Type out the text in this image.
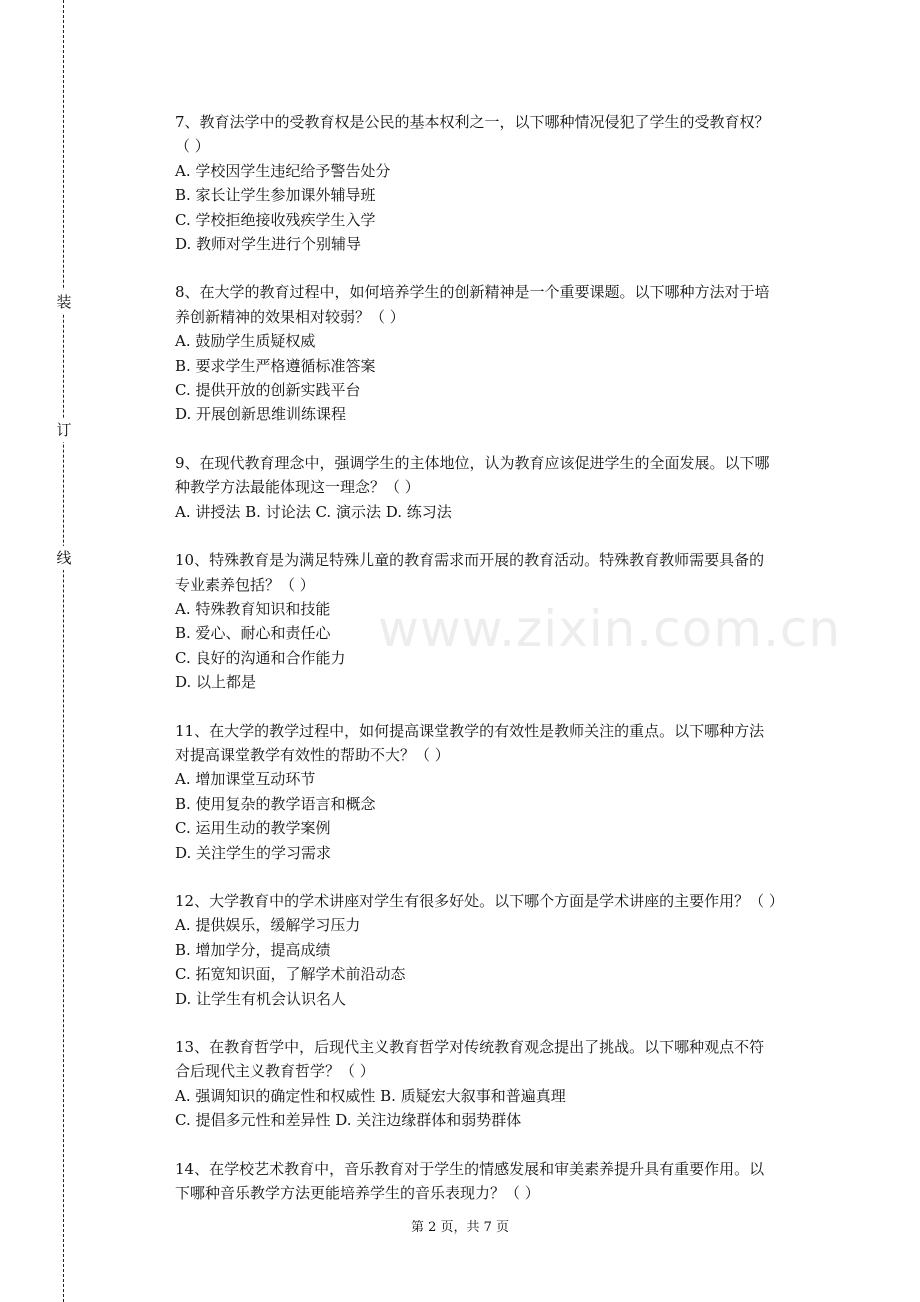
装
订
线
www.zixin.com.cn

7、教育法学中的受教育权是公民的基本权利之一，以下哪种情况侵犯了学生的受教育权？

（ ）

A. 学校因学生违纪给予警告处分

B. 家长让学生参加课外辅导班

C. 学校拒绝接收残疾学生入学

D. 教师对学生进行个别辅导

8、在大学的教育过程中，如何培养学生的创新精神是一个重要课题。以下哪种方法对于培

养创新精神的效果相对较弱？（ ）

A. 鼓励学生质疑权威

B. 要求学生严格遵循标准答案

C. 提供开放的创新实践平台

D. 开展创新思维训练课程

9、在现代教育理念中，强调学生的主体地位，认为教育应该促进学生的全面发展。以下哪

种教学方法最能体现这一理念？（ ）

A. 讲授法 B. 讨论法 C. 演示法 D. 练习法

10、特殊教育是为满足特殊儿童的教育需求而开展的教育活动。特殊教育教师需要具备的

专业素养包括？（ ）

A. 特殊教育知识和技能

B. 爱心、耐心和责任心

C. 良好的沟通和合作能力

D. 以上都是

11、在大学的教学过程中，如何提高课堂教学的有效性是教师关注的重点。以下哪种方法

对提高课堂教学有效性的帮助不大？（ ）

A. 增加课堂互动环节

B. 使用复杂的教学语言和概念

C. 运用生动的教学案例

D. 关注学生的学习需求

12、大学教育中的学术讲座对学生有很多好处。以下哪个方面是学术讲座的主要作用？（ ）

A. 提供娱乐，缓解学习压力

B. 增加学分，提高成绩

C. 拓宽知识面，了解学术前沿动态

D. 让学生有机会认识名人

13、在教育哲学中，后现代主义教育哲学对传统教育观念提出了挑战。以下哪种观点不符

合后现代主义教育哲学？（ ）

A. 强调知识的确定性和权威性 B. 质疑宏大叙事和普遍真理

C. 提倡多元性和差异性 D. 关注边缘群体和弱势群体

14、在学校艺术教育中，音乐教育对于学生的情感发展和审美素养提升具有重要作用。以

下哪种音乐教学方法更能培养学生的音乐表现力？（ ）

第 2 页，共 7 页
